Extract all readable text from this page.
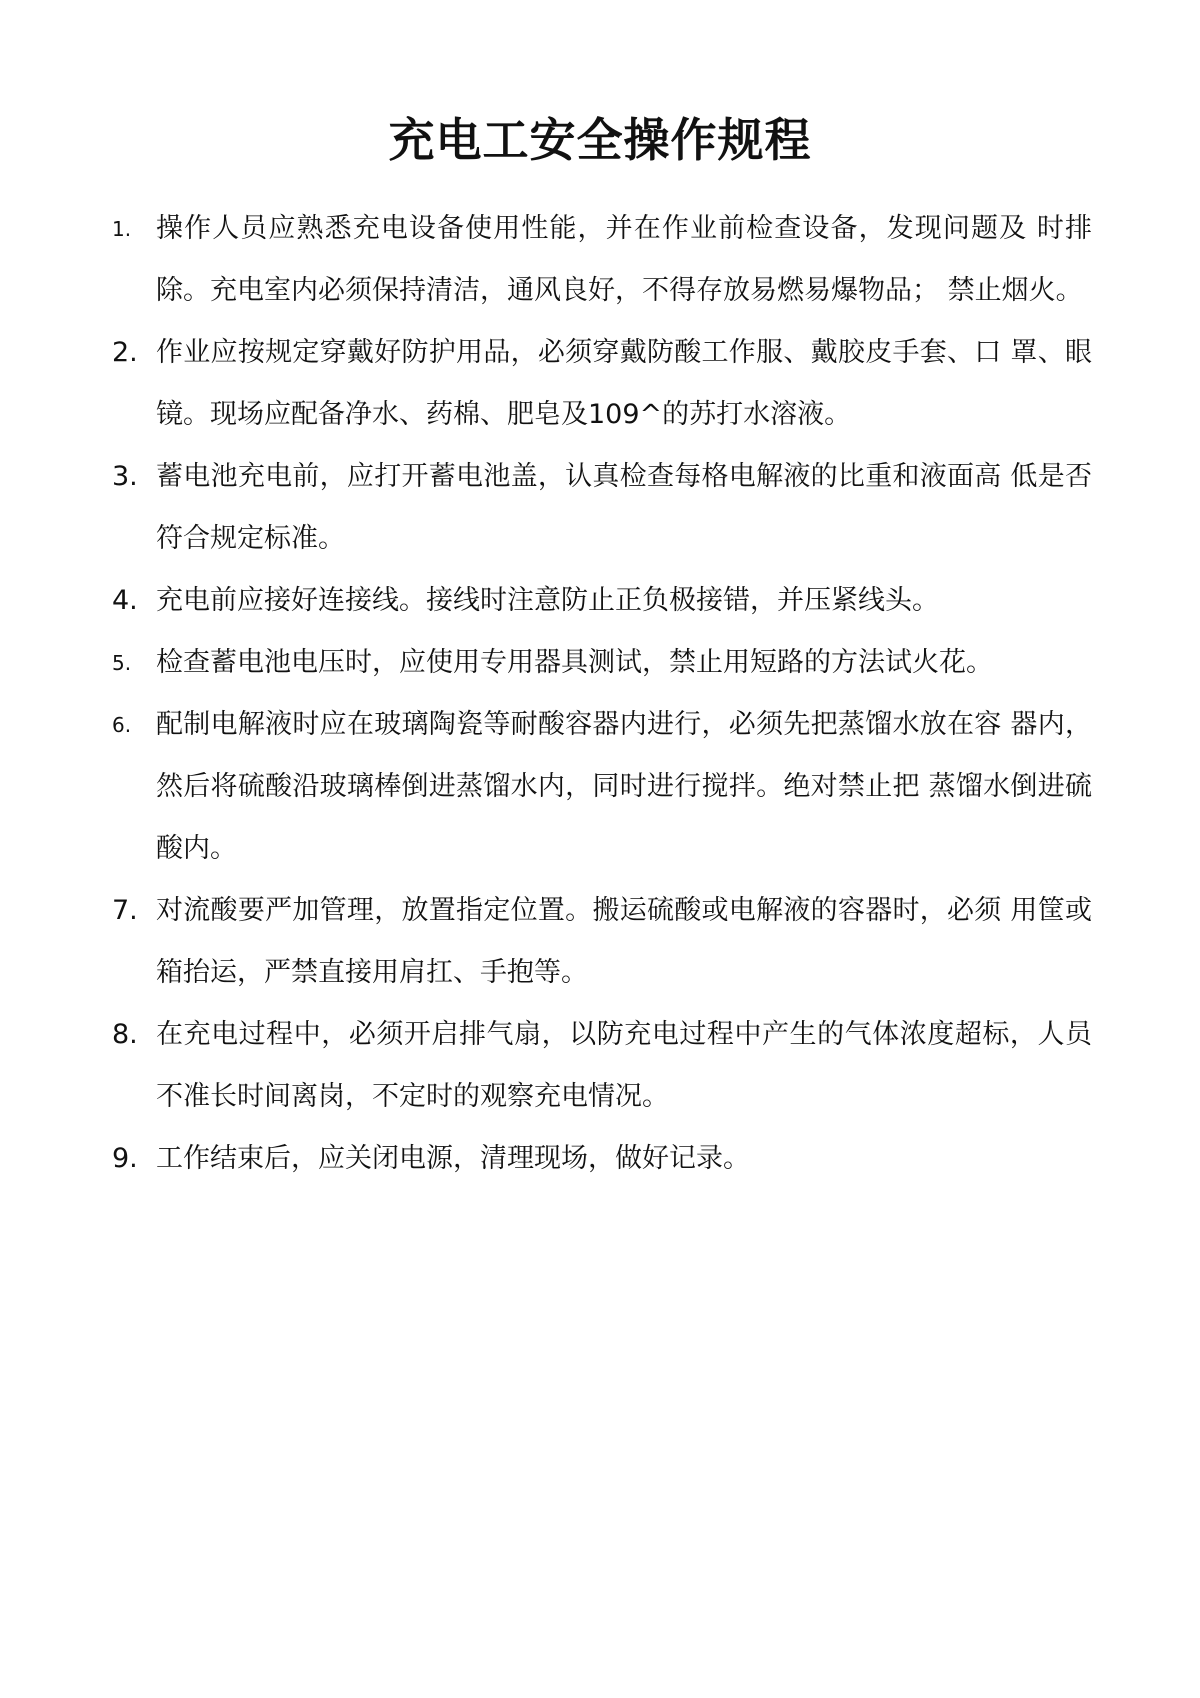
充电工安全操作规程
1. 操作人员应熟悉充电设备使用性能，并在作业前检查设备，发现问题及 时排除。充电室内必须保持清洁，通风良好，不得存放易燃易爆物品； 禁止烟火。
2. 作业应按规定穿戴好防护用品，必须穿戴防酸工作服、戴胶皮手套、口 罩、眼镜。现场应配备净水、药棉、肥皂及109^的苏打水溶液。
3. 蓄电池充电前，应打开蓄电池盖，认真检查每格电解液的比重和液面高 低是否符合规定标准。
4. 充电前应接好连接线。接线时注意防止正负极接错，并压紧线头。
5. 检查蓄电池电压时，应使用专用器具测试，禁止用短路的方法试火花。
6. 配制电解液时应在玻璃陶瓷等耐酸容器内进行，必须先把蒸馏水放在容 器内，然后将硫酸沿玻璃棒倒进蒸馏水内，同时进行搅拌。绝对禁止把 蒸馏水倒进硫酸内。
7. 对流酸要严加管理，放置指定位置。搬运硫酸或电解液的容器时，必须 用筐或箱抬运，严禁直接用肩扛、手抱等。
8. 在充电过程中，必须开启排气扇，以防充电过程中产生的气体浓度超标，人员不准长时间离岗，不定时的观察充电情况。
9. 工作结束后，应关闭电源，清理现场，做好记录。
